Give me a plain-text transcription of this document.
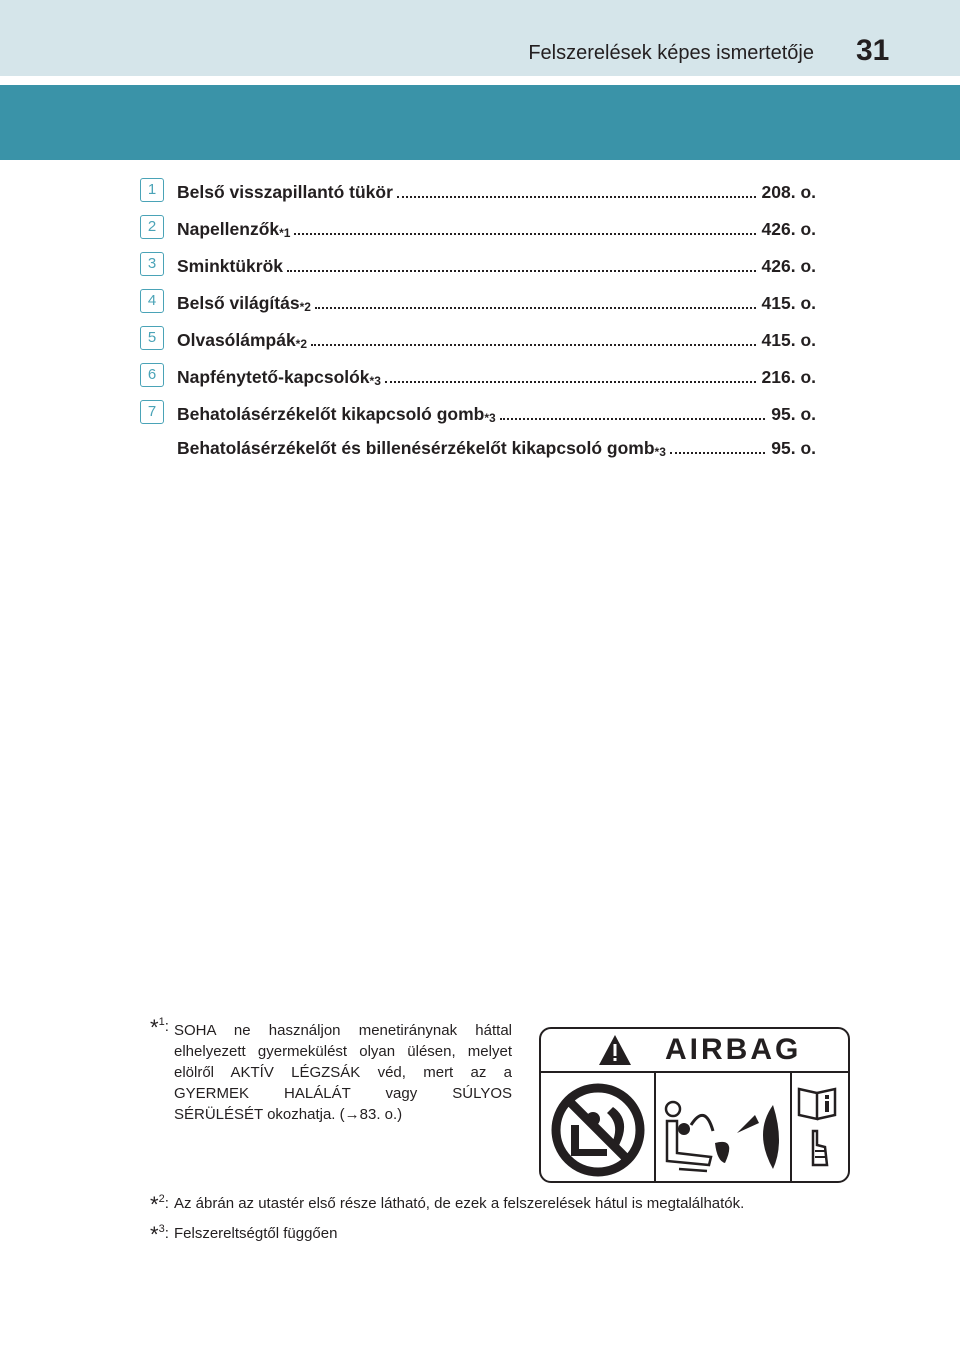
Felszerelések képes ismertetője 31
1	Belső visszapillantó tükör	208. o.
2	Napellenzők$_{*1}$	426. o.
3	Sminktükrök	426. o.
4	Belső világítás$_{*2}$	415. o.
5	Olvasólámpák$_{*2}$	415. o.
6	Napfénytető-kapcsolók$_{*3}$	216. o.
7	Behatolásérzékelőt kikapcsoló gomb$_{*3}$	95. o.
Behatolásérzékelőt és billenésérzékelőt kikapcsoló gomb$_{*3}$	95. o.
*$^1$: SOHA ne használjon menetiránynak háttal elhelyezett gyermekülést olyan ülésen, melyet elölről AKTÍV LÉGZSÁK véd, mert az a GYERMEK HALÁLÁT vagy SÚLYOS SÉRÜLÉSÉT okozhatja. (→83. o.)
AIRBAG
*$^2$: Az ábrán az utastér első része látható, de ezek a felszerelések hátul is megtalálhatók.
*$^3$: Felszereltségtől függően
